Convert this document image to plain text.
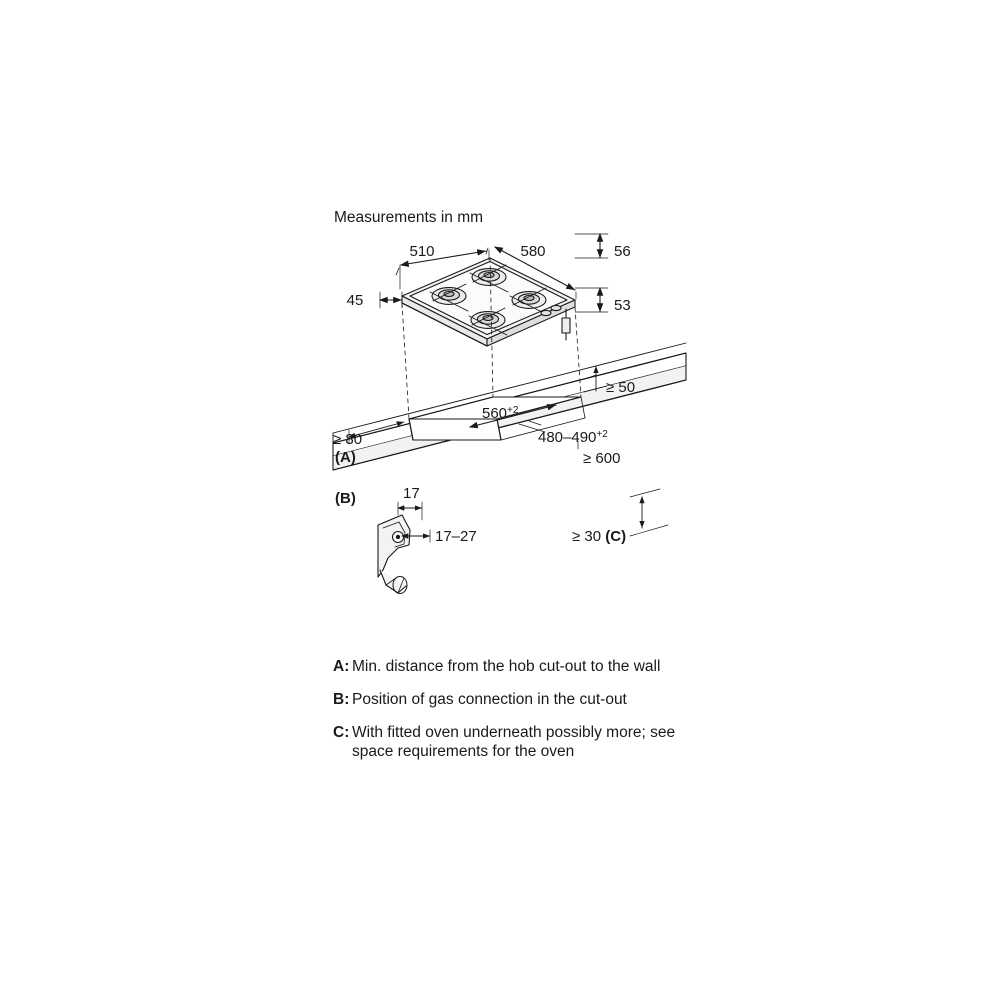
Measurements in mm
510	580	56
53
45
$560^{+2}$
$480-490^{+2}$
≥ 50
≥ 80
(A)	≥ 600
(B)	17
17–27	≥ 30 (C)
A: Min. distance from the hob cut-out to the wall
B: Position of gas connection in the cut-out
C: With fitted oven underneath possibly more; see space requirements for the oven
